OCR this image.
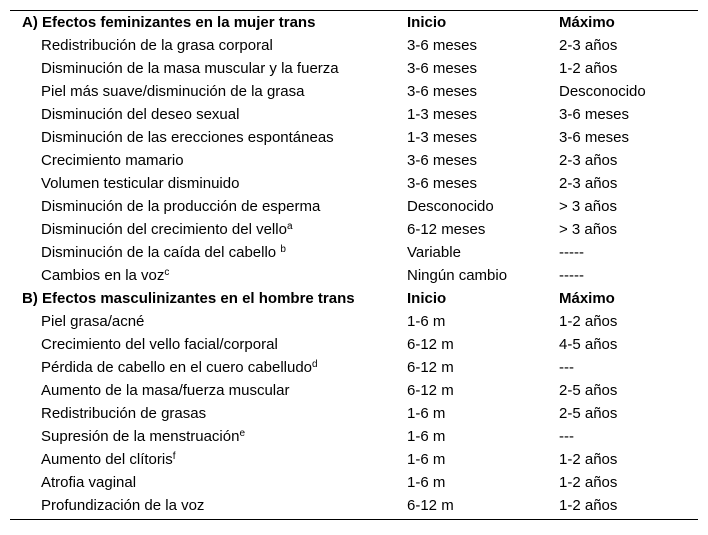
A) Efectos feminizantes en la mujer trans	Inicio	Máximo
Redistribución de la grasa corporal	3-6 meses	2-3 años
Disminución de la masa muscular y la fuerza	3-6 meses	1-2 años
Piel más suave/disminución de la grasa	3-6 meses	Desconocido
Disminución del deseo sexual	1-3 meses	3-6 meses
Disminución de las erecciones espontáneas	1-3 meses	3-6 meses
Crecimiento mamario	3-6 meses	2-3 años
Volumen testicular disminuido	3-6 meses	2-3 años
Disminución de la producción de esperma	Desconocido	> 3 años
Disminución del crecimiento del vello$^a$	6-12 meses	> 3 años
Disminución de la caída del cabello $^b$	Variable	-----
Cambios en la voz$^c$	Ningún cambio	-----
B) Efectos masculinizantes en el hombre trans	Inicio	Máximo
Piel grasa/acné	1-6 m	1-2 años
Crecimiento del vello facial/corporal	6-12 m	4-5 años
Pérdida de cabello en el cuero cabelludo$^d$	6-12 m	---
Aumento de la masa/fuerza muscular	6-12 m	2-5 años
Redistribución de grasas	1-6 m	2-5 años
Supresión de la menstruación$^e$	1-6 m	---
Aumento del clítoris$^f$	1-6 m	1-2 años
Atrofia vaginal	1-6 m	1-2 años
Profundización de la voz	6-12 m	1-2 años
